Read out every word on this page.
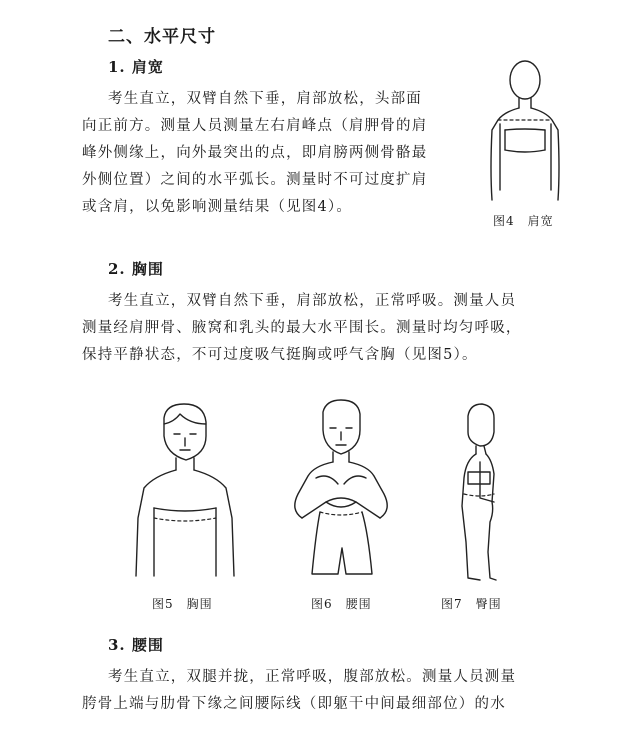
二、水平尺寸
1. 肩宽
考生直立，双臂自然下垂，肩部放松，头部面
向正前方。测量人员测量左右肩峰点（肩胛骨的肩
峰外侧缘上，向外最突出的点，即肩膀两侧骨骼最
外侧位置）之间的水平弧长。测量时不可过度扩肩
或含肩，以免影响测量结果（见图4）。
图4　肩宽
2. 胸围
考生直立，双臂自然下垂，肩部放松，正常呼吸。测量人员
测量经肩胛骨、腋窝和乳头的最大水平围长。测量时均匀呼吸，
保持平静状态，不可过度吸气挺胸或呼气含胸（见图5）。
图5　胸围	图6　腰围	图7　臀围
3. 腰围
考生直立，双腿并拢，正常呼吸，腹部放松。测量人员测量
胯骨上端与肋骨下缘之间腰际线（即躯干中间最细部位）的水
